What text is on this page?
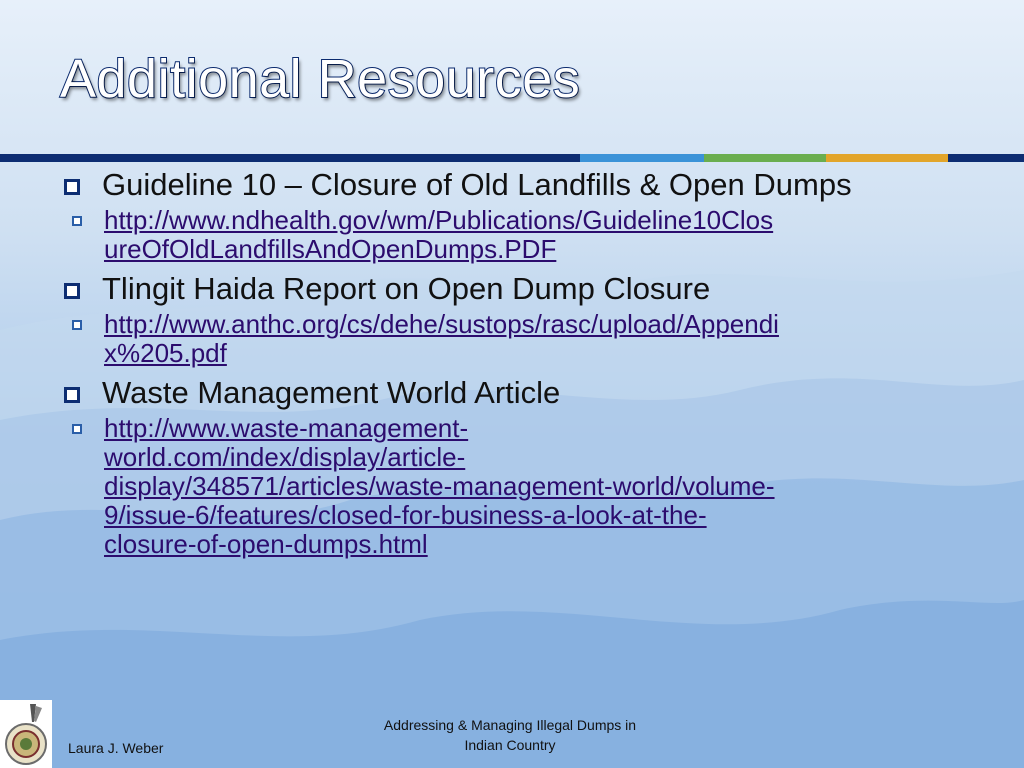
Additional Resources
Guideline 10 – Closure of Old Landfills & Open Dumps
http://www.ndhealth.gov/wm/Publications/Guideline10Clos
ureOfOldLandfillsAndOpenDumps.PDF
Tlingit Haida Report on Open Dump Closure
http://www.anthc.org/cs/dehe/sustops/rasc/upload/Appendi
x%205.pdf
Waste Management World Article
http://www.waste-management-
world.com/index/display/article-
display/348571/articles/waste-management-world/volume-
9/issue-6/features/closed-for-business-a-look-at-the-
closure-of-open-dumps.html
Laura J. Weber
Addressing & Managing Illegal Dumps in
Indian Country
